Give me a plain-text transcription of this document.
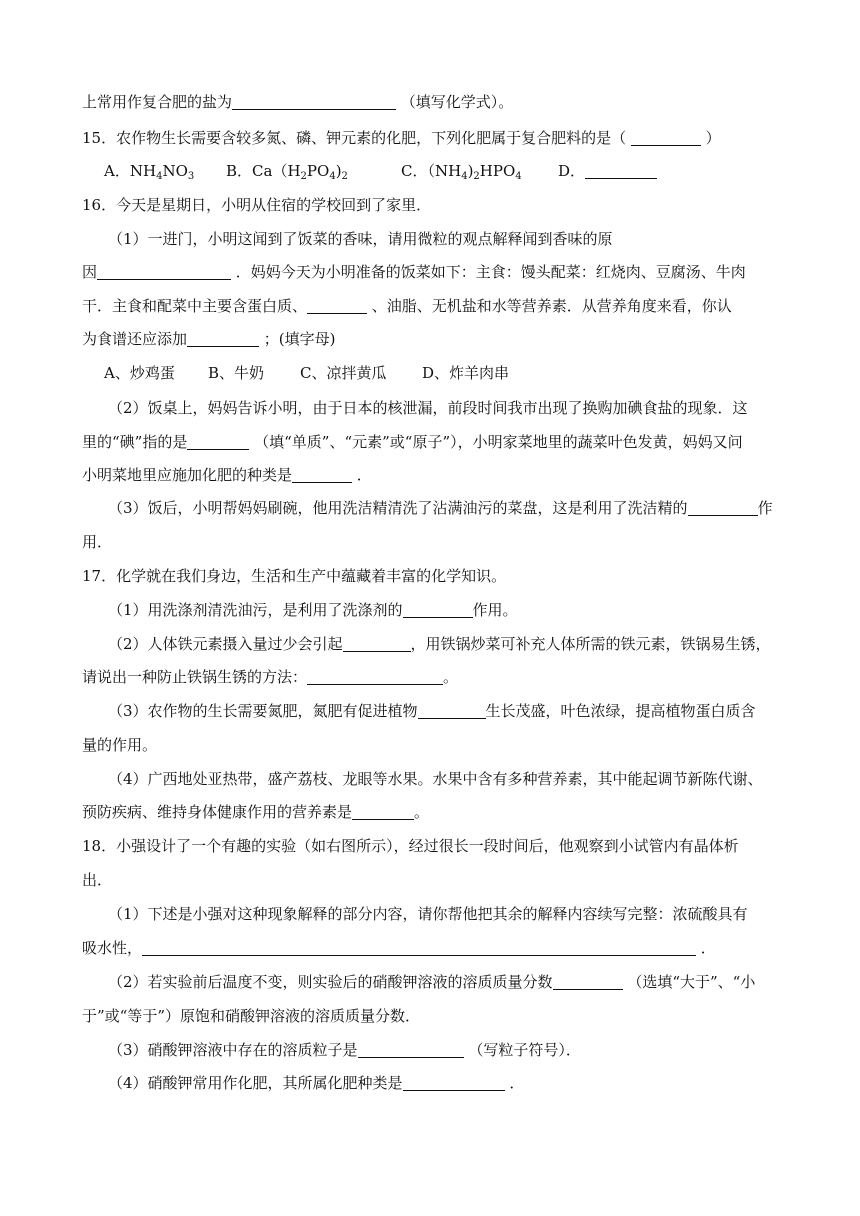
上常用作复合肥的盐为	（填写化学式）。
15．农作物生长需要含较多氮、磷、钾元素的化肥，下列化肥属于复合肥料的是（	）
A．$NH_4NO_3$ B．$Ca(H_2PO_4)_2$	C．$(NH_4)_2HPO_4$ D．
16．今天是星期日，小明从住宿的学校回到了家里．
（1）一进门，小明这闻到了饭菜的香味，请用微粒的观点解释闻到香味的原
因	．妈妈今天为小明准备的饭菜如下：主食：馒头配菜：红烧肉、豆腐汤、牛肉
干．主食和配菜中主要含蛋白质、	、油脂、无机盐和水等营养素．从营养角度来看，你认
为食谱还应添加	；(填字母)
A、炒鸡蛋 B、牛奶 C、凉拌黄瓜 D、炸羊肉串
（2）饭桌上，妈妈告诉小明，由于日本的核泄漏，前段时间我市出现了换购加碘食盐的现象．这
里的“碘”指的是	（填“单质”、“元素”或“原子”），小明家菜地里的蔬菜叶色发黄，妈妈又问
小明菜地里应施加化肥的种类是	．
（3）饭后，小明帮妈妈刷碗，他用洗洁精清洗了沾满油污的菜盘，这是利用了洗洁精的	作
用．
17．化学就在我们身边，生活和生产中蕴藏着丰富的化学知识。
（1）用洗涤剂清洗油污，是利用了洗涤剂的	作用。
（2）人体铁元素摄入量过少会引起	，用铁锅炒菜可补充人体所需的铁元素，铁锅易生锈，
请说出一种防止铁锅生锈的方法：	。
（3）农作物的生长需要氮肥，氮肥有促进植物	生长茂盛，叶色浓绿，提高植物蛋白质含
量的作用。
（4）广西地处亚热带，盛产荔枝、龙眼等水果。水果中含有多种营养素，其中能起调节新陈代谢、
预防疾病、维持身体健康作用的营养素是	。
18．小强设计了一个有趣的实验（如右图所示），经过很长一段时间后，他观察到小试管内有晶体析
出．
（1）下述是小强对这种现象解释的部分内容，请你帮他把其余的解释内容续写完整：浓硫酸具有
吸水性，	．
（2）若实验前后温度不变，则实验后的硝酸钾溶液的溶质质量分数	（选填“大于”、“小
于”或“等于”）原饱和硝酸钾溶液的溶质质量分数．
（3）硝酸钾溶液中存在的溶质粒子是	（写粒子符号）．
（4）硝酸钾常用作化肥，其所属化肥种类是	．
